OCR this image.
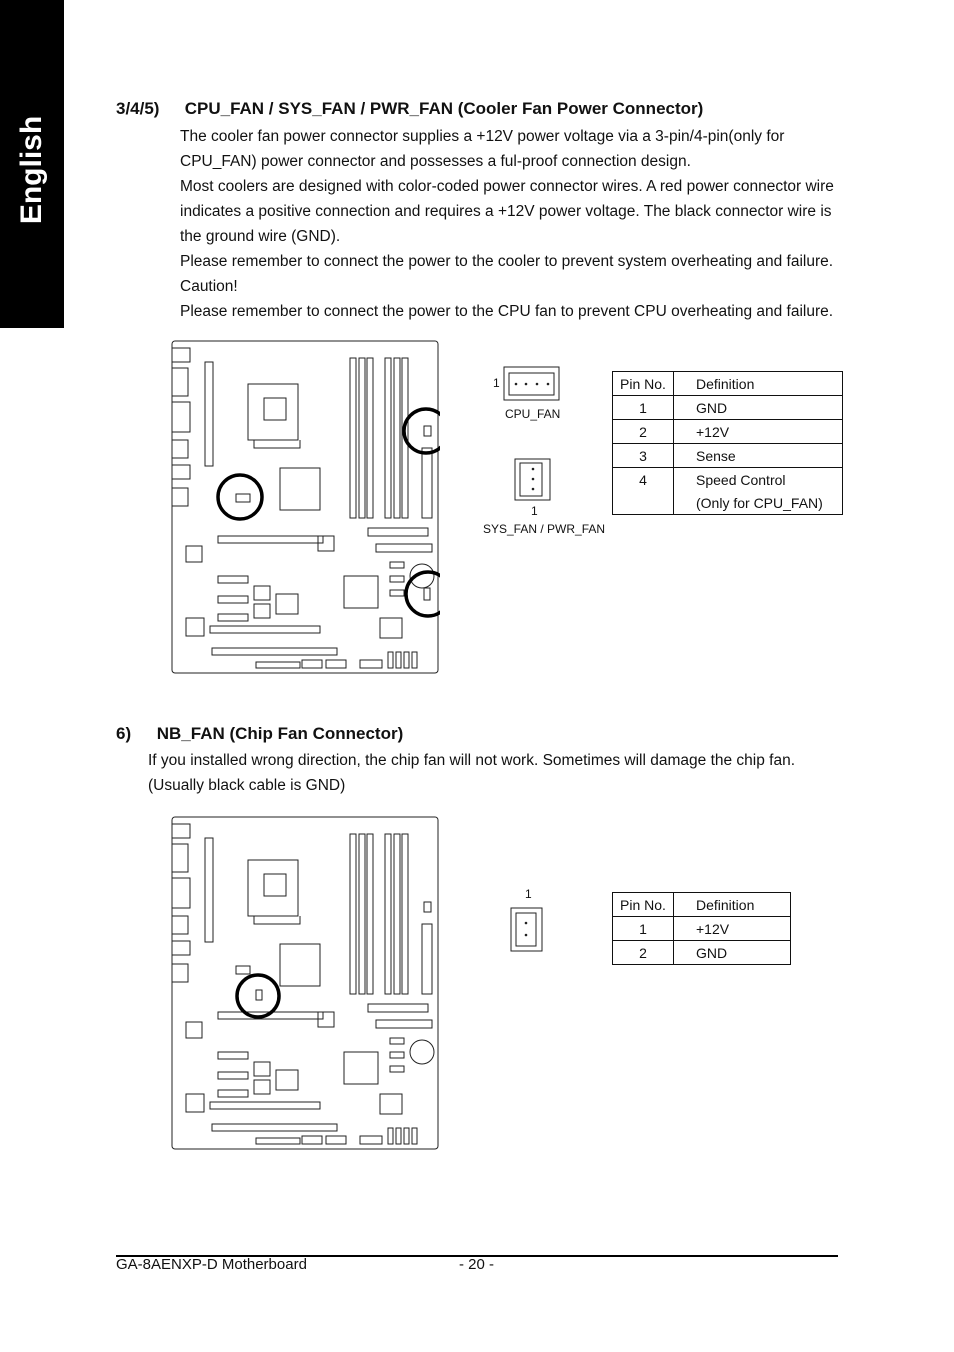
English
3/4/5) CPU_FAN / SYS_FAN / PWR_FAN (Cooler Fan Power Connector)

The cooler fan power connector supplies a +12V power voltage via a 3-pin/4-pin(only for CPU_FAN) power connector and possesses a ful-proof connection design.

Most coolers are designed with color-coded power connector wires. A red power connector wire indicates a positive connection and requires a +12V power voltage. The black connector wire is the ground wire (GND).

Please remember to connect the power to the cooler to prevent system overheating and failure.

Caution!

Please remember to connect the power to the CPU fan to prevent CPU overheating and failure.

1
CPU_FAN
1
SYS_FAN / PWR_FAN
Pin No.	Definition
1	GND
2	+12V
3	Sense
4	Speed Control
	(Only for CPU_FAN)
6) NB_FAN (Chip Fan Connector)

If you installed wrong direction, the chip fan will not work. Sometimes will damage the chip fan.

(Usually black cable is GND)

1
Pin No.	Definition
1	+12V
2	GND
GA-8AENXP-D Motherboard	- 20 -
